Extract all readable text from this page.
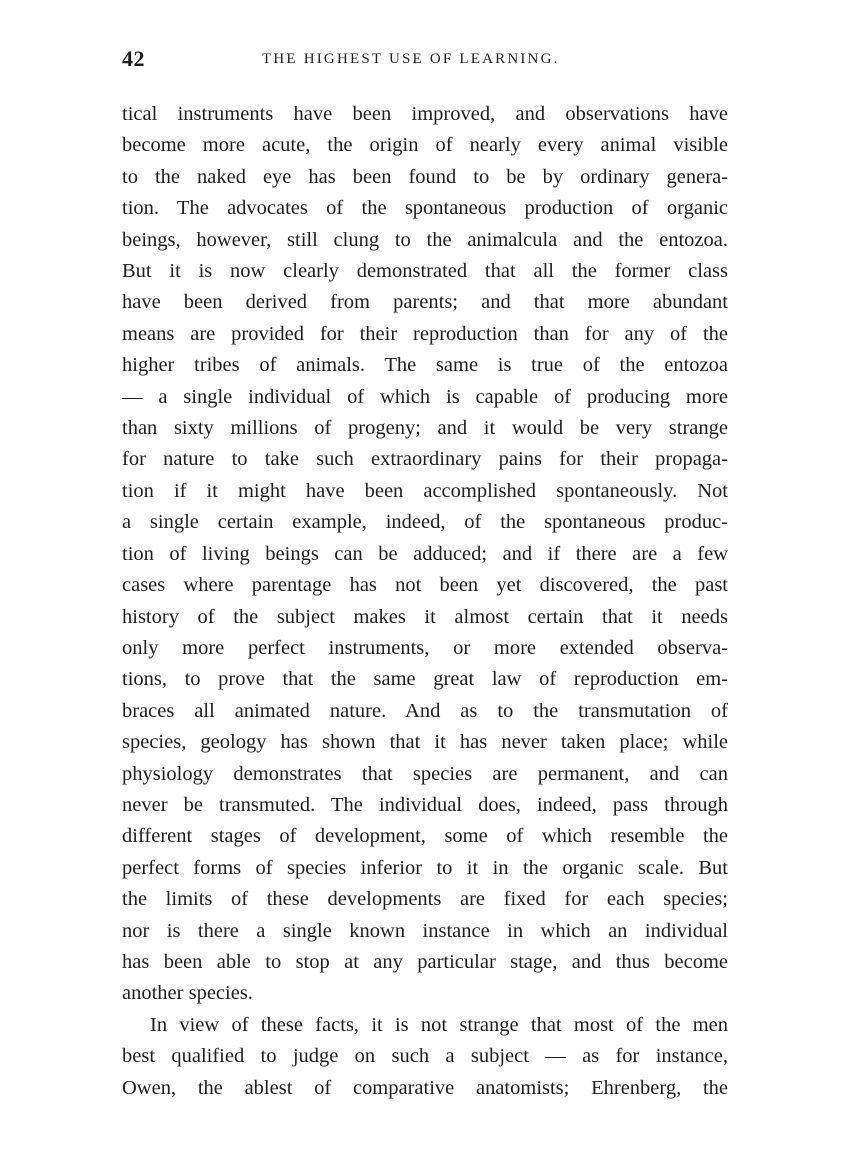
42	THE HIGHEST USE OF LEARNING.
tical instruments have been improved, and observations have
become more acute, the origin of nearly every animal visible
to the naked eye has been found to be by ordinary genera-
tion. The advocates of the spontaneous production of organic
beings, however, still clung to the animalcula and the entozoa.
But it is now clearly demonstrated that all the former class
have been derived from parents; and that more abundant
means are provided for their reproduction than for any of the
higher tribes of animals. The same is true of the entozoa
— a single individual of which is capable of producing more
than sixty millions of progeny; and it would be very strange
for nature to take such extraordinary pains for their propaga-
tion if it might have been accomplished spontaneously. Not
a single certain example, indeed, of the spontaneous produc-
tion of living beings can be adduced; and if there are a few
cases where parentage has not been yet discovered, the past
history of the subject makes it almost certain that it needs
only more perfect instruments, or more extended observa-
tions, to prove that the same great law of reproduction em-
braces all animated nature. And as to the transmutation of
species, geology has shown that it has never taken place; while
physiology demonstrates that species are permanent, and can
never be transmuted. The individual does, indeed, pass through
different stages of development, some of which resemble the
perfect forms of species inferior to it in the organic scale. But
the limits of these developments are fixed for each species;
nor is there a single known instance in which an individual
has been able to stop at any particular stage, and thus become
another species.
In view of these facts, it is not strange that most of the men
best qualified to judge on such a subject — as for instance,
Owen, the ablest of comparative anatomists; Ehrenberg, the
